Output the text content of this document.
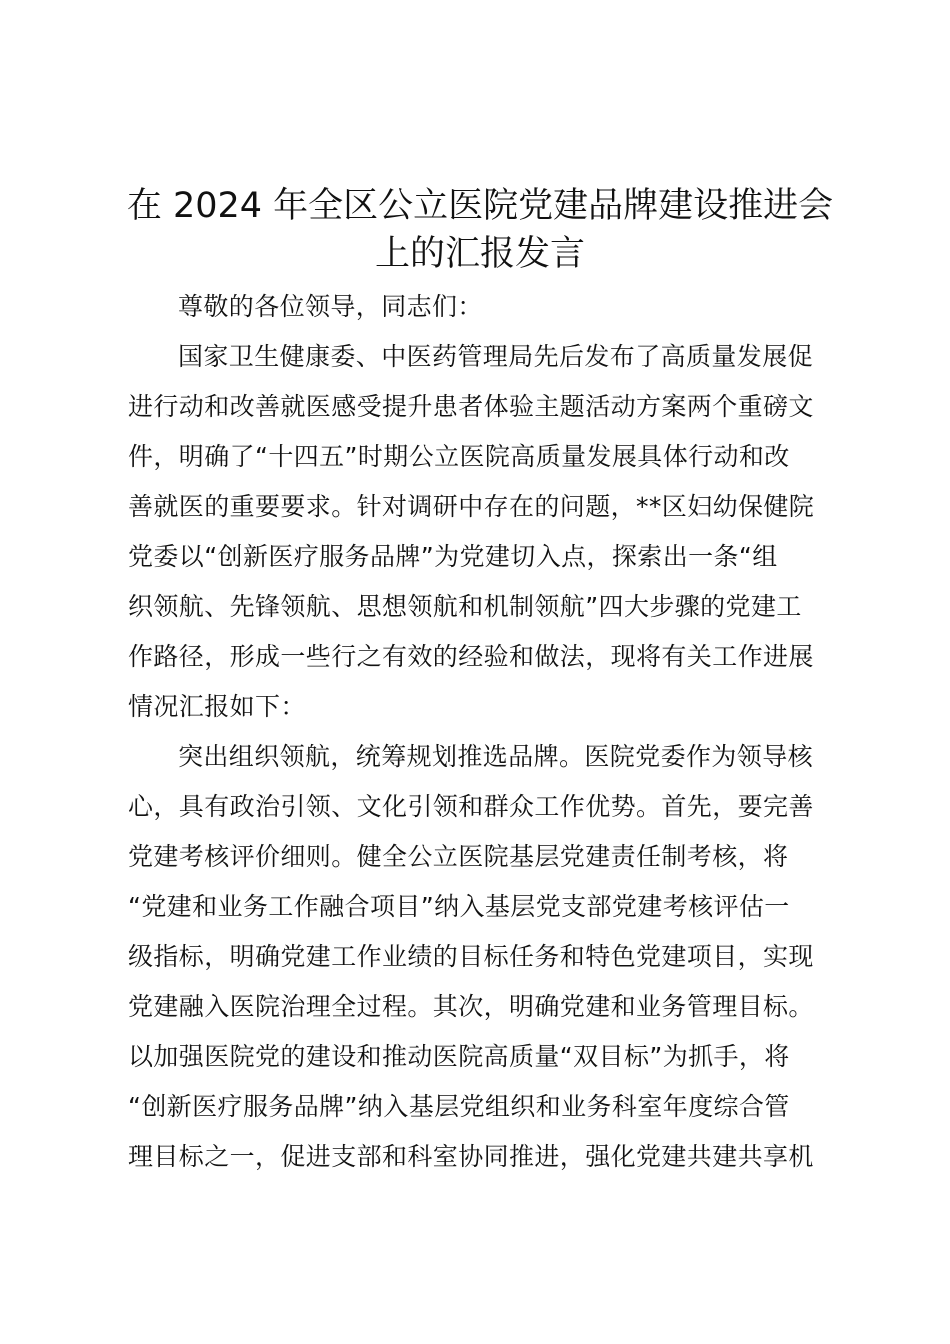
在 2024 年全区公立医院党建品牌建设推进会
上的汇报发言
尊敬的各位领导，同志们：
国家卫生健康委、中医药管理局先后发布了高质量发展促
进行动和改善就医感受提升患者体验主题活动方案两个重磅文
件，明确了“十四五”时期公立医院高质量发展具体行动和改
善就医的重要要求。针对调研中存在的问题，**区妇幼保健院
党委以“创新医疗服务品牌”为党建切入点，探索出一条“组
织领航、先锋领航、思想领航和机制领航”四大步骤的党建工
作路径，形成一些行之有效的经验和做法，现将有关工作进展
情况汇报如下：
突出组织领航，统筹规划推选品牌。医院党委作为领导核
心，具有政治引领、文化引领和群众工作优势。首先，要完善
党建考核评价细则。健全公立医院基层党建责任制考核，将
“党建和业务工作融合项目”纳入基层党支部党建考核评估一
级指标，明确党建工作业绩的目标任务和特色党建项目，实现
党建融入医院治理全过程。其次，明确党建和业务管理目标。
以加强医院党的建设和推动医院高质量“双目标”为抓手，将
“创新医疗服务品牌”纳入基层党组织和业务科室年度综合管
理目标之一，促进支部和科室协同推进，强化党建共建共享机
